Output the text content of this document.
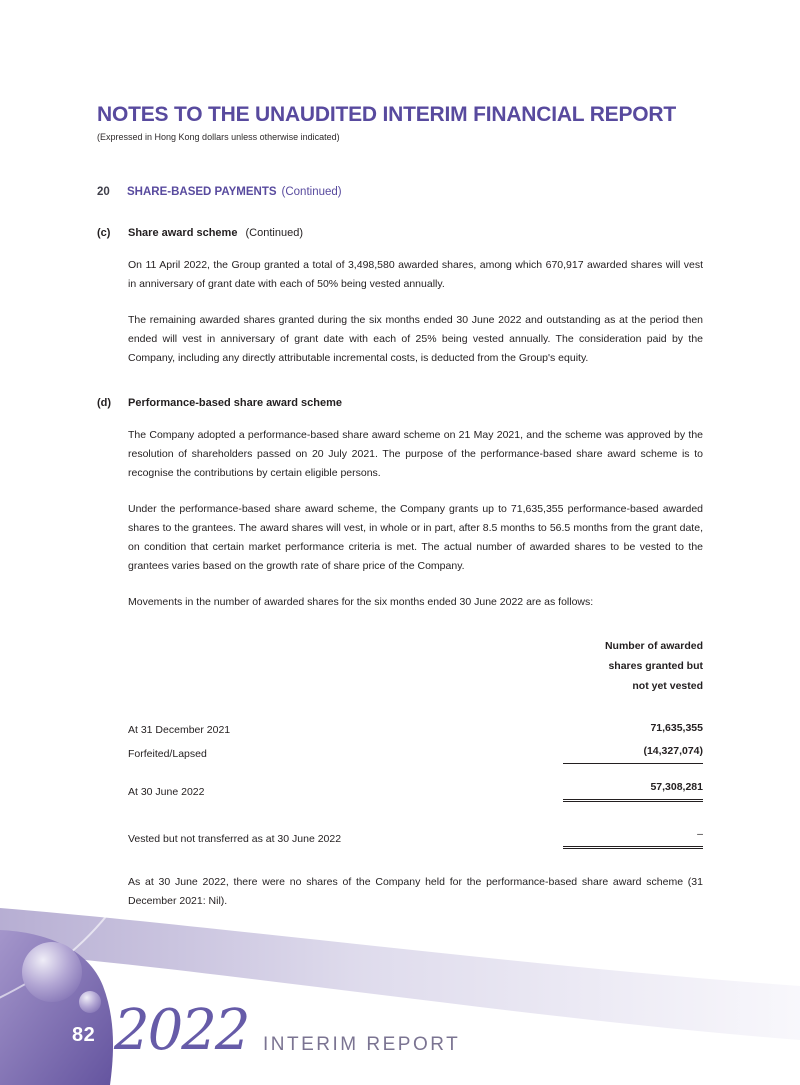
NOTES TO THE UNAUDITED INTERIM FINANCIAL REPORT
(Expressed in Hong Kong dollars unless otherwise indicated)
20	SHARE-BASED PAYMENTS (Continued)
(c)	Share award scheme (Continued)

On 11 April 2022, the Group granted a total of 3,498,580 awarded shares, among which 670,917 awarded shares will vest in anniversary of grant date with each of 50% being vested annually.

The remaining awarded shares granted during the six months ended 30 June 2022 and outstanding as at the period then ended will vest in anniversary of grant date with each of 25% being vested annually. The consideration paid by the Company, including any directly attributable incremental costs, is deducted from the Group's equity.

(d)	Performance-based share award scheme

The Company adopted a performance-based share award scheme on 21 May 2021, and the scheme was approved by the resolution of shareholders passed on 20 July 2021. The purpose of the performance-based share award scheme is to recognise the contributions by certain eligible persons.

Under the performance-based share award scheme, the Company grants up to 71,635,355 performance-based awarded shares to the grantees. The award shares will vest, in whole or in part, after 8.5 months to 56.5 months from the grant date, on condition that certain market performance criteria is met. The actual number of awarded shares to be vested to the grantees varies based on the growth rate of share price of the Company.

Movements in the number of awarded shares for the six months ended 30 June 2022 are as follows:

Number of awarded
shares granted but
not yet vested
At 31 December 2021	71,635,355
Forfeited/Lapsed	(14,327,074)
At 30 June 2022	57,308,281
Vested but not transferred as at 30 June 2022	–

As at 30 June 2022, there were no shares of the Company held for the performance-based share award scheme (31 December 2021: Nil).

82 2022 INTERIM REPORT
